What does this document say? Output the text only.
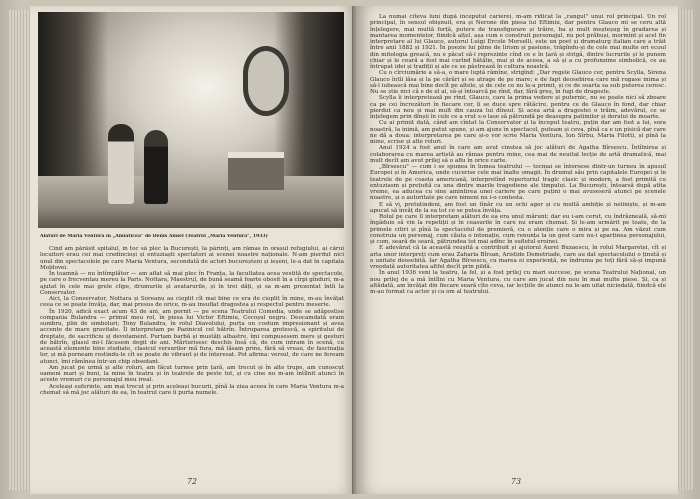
Alături de Maria Ventura în „Amiaticea" de Denis Amiel (Teatrul „Maria Ventura", 1933)

Cînd am părăsit spitalul, în toc să plec la București, la părinți, am rămas în orașul refugiului, ai cărui locuitori erau cei mai credincioși și entuziaști spectatori ai scenei noastre naționale. N-am pierdut nici unul din spectacolele pe care Maria Ventura, secondată de actori bucureșteni și ieșeni, le-a dat în capitala Moldovei.

În toamnă — nu întîmplător — am aflat să mai plec în Franța, la facultatea acea vestită de spectacole, pe care o frecventau mereu la Paris. Nottara, Maestrul, de bună seamă foarte obosit în a cîrpi gînduri, m-a ajutat în cele mai grele clipe, drumurile și avatarurile, și în trei dăți, și sa m-am prezentat întîi la Conservator.

Aici, la Conservator, Nottara și Soreanu au cioplit cît mai bine ce era de cioplit în mine, m-au învățat ceea ce se poate învăța, dar, mai presus de orice, m-au insuflat dragostea și respectul pentru meserie.

În 1920, adică exact acum 43 de ani, am pornit — pe scena Teatrului Comedia, unde se adăpostise compania Bulandra — primul meu rol, în piesa lui Victor Eftimiu, Cocoșul negru. Deocamdată eram sumbru, plin de simboluri; Tony Bulandra, în rolul Diavolului, purta un costum impresionant și avea accente de mare gravitate. Îl interpretam pe Pazinicul cel bătrîn. Întruparea grotescă, a spiritului de dreptate, de sacrificiu și devotament. Purtam barbă și mustăți albastre, îmi compusesem mers și gesturi de bătrîn, glasul mi-l făcusem degit de ani. Mărturisesc deschis însă că, de cum intram în scenă, cu această elemente bine studiate, clasicul versurilor mă fura, mă lăsam prins, fără să vreau, de fascinația lor, și mă porneam rostindu-le cît se poate de vibrant și de înteresat. Pot afirma: versul, de care ne feream atunci, îmi rămînea într-un chip obsedant.

Am jucat pe urmă și alte roluri, am făcut turnee prin țară, am trecut și în alte trupe, am cunoscut oameni mari și buni, la mine în teatru și în teatrele de peste tot, și cu cine nu m-am întîlnit atunci în aceste vremuri cu personajul meu ireal.

Aceleași suferinte, am mai trecut și prin aceleași bucurii, pînă la ziua aceea în care Maria Ventura m-a chemat să mă joc alături de ea, în teatrul care îi purta numele.

72

La numai cîteva luni după începutul carierei, m-am ridicat la „rangul" unui rol principal. Un rol principal, în sensul obișnuit, era și Nerone din piesa lui Eftimiu, dar pentru Glauco mi se ceru altă înțelegere, mai multă forță, putere de transfigurare și trăire, ba și mult meșteșug în gradarea și mantarea momentelor, fiindcă alțel, așa cum e construit personajul, nu pot prăbuși, mormînt și acel fin interpretare al lui Glauco, autorul Luigi Ercole Morselli, este un poet și dramaturg italian care a trăit între anii 1882 și 1921. În poezie lui pline de lirism și pasiune, trăgîndu-și de cele mai multe ori ecoul din mitologia greacă, nu e păcat să-l reprezinte cînd ce e în țară și strigă, dintre lucrurile și le punem chiar și le ceară a fost mai curînd bătălie, mai și de aceea, a să și a cu profunzime simbolică, ce au întrupat idei și tradiții și ale ce se păstrează în cultura noastră.

Cu o cîrciumărie a să-a, o mare luptă rămîne, strigînd: „Dar regele Glauco cer, pentru Scylla, Sirena Glauco întîi lăsa și la pe cărări și se atrage de pe mare; e de fapt deosebirea care mă rugase inima și să-l iubească mai bine decît pe altele, și de cele ce nu le-a primit, și ce de soarta sa sub puterea ceresc. Nu se știe nici că e de el al, să-și întoarcă pe rînd, dar, fără greș, în fugi de dragoste.

Scylla îi interpretează pe rînd, Glauco, care la prima vedere și puternic, nu se poate nici să zboare ca pe cei încrezători în fiecare cer, îi se duce spre rătăcire, pentru ce de Glauco în fond, dar chiar pierdut ca nou și mai mult din cauza lui dînsul. Și acea artă a dragostei o trăim, adevărul, ce se înțelegem prin dînșii în cele ce a vrut s-o lase să pătrundă pe deasupra patimilor și dorului de moarte.

Cu ai primit dată, când am cîntat la Conservator și la început teatru, puțin dar am fost a lui, sora noastră, la inimă, am putut spune, și am ajuns în spectacol, puteam și ceva, pînă ca e un pisică dar care ne dă a doua: interpretarea pe care și-o vor scrie Maria Ventura, Ion Sîrbu, Maria Filotti, și pînă la mine, scrise și alte roluri.

Anul 1924 a fost anul în care am avut cinstea să joc alături de Agatha Bîrsescu. Întîlnirea și colaborarea cu marea artistă au rămas pentru mine, cea mai de neuitat lecție de artă dramatică, mai mult decît am avut prilej să o aflu în orice carte.

„Bîrsescu" — cum i se spunea în lumea teatrului — tocmai se întorsese dintr-un turneu în apusul Europei și în America, unde cucerise cele mai înalte omagii. În drumul său prin capitalele Europei și în teatrele de pe coasta americană, interpretînd repertoriul tragic clasic și modern, a fost primită cu entuziasm și prețuită ca una dintre marile tragediene ale timpului. La București, întoarsă după atîta vreme, ea aducea cu sine amintirea unei cariere pe care puțini o mai avuseseră atunci pe scenele noastre, și o autoritate pe care nimeni nu i-o contesta.

E să vi, pretutindeni, am fost un tînăr cu un ochi ager și cu multă ambiție și neliniște, și m-am apucat să învăț de la ea tot ce se putea învăța.

Rolul pe care îl interpretam alături de ea era unul mărunt; dar eu i-am cerut, cu îndrăzneală, să-mi îngăduie să vin la repetiții și în ceasurile în care nu eram chemat. Și le-am urmărit pe toate, de la primele citiri și pînă la spectacolul de premieră, cu o atenție care o mira și pe ea. Am văzut cum construia un personaj, cum căuta o intonație, cum renunța la un gest care nu-i aparținea personajului, și cum, seară de seară, pătrundea tot mai adînc în sufletul eroinei.

E adevărat că la această reușită a contribuit și ajutorul Aurel Buzaescu, în rolul Margaretei, cît și arta unor interpreți cum erau Zaharia Bîrsan, Aristide Demetriade, care au dat spectacolului o ținută și o unitate deosebită. Iar Agatha Bîrsescu, cu marea ei experiență, ne îndruma pe toți fără să-și impună vreodată autoritatea altfel decît prin pildă.

În anul 1936 veni la teatru, la fel, și a fost prilej cu mari succese, pe scena Teatrului Național, un nou prilej de a mă întîlni cu Maria Ventura, cu care am jucat din nou în mai multe piese. Și, ca și altădată, am învățat din fiecare seară cîte ceva, iar lecțiile de atunci nu le-am uitat niciodată, fiindcă ele m-au format ca actor și ca om al teatrului.

73
